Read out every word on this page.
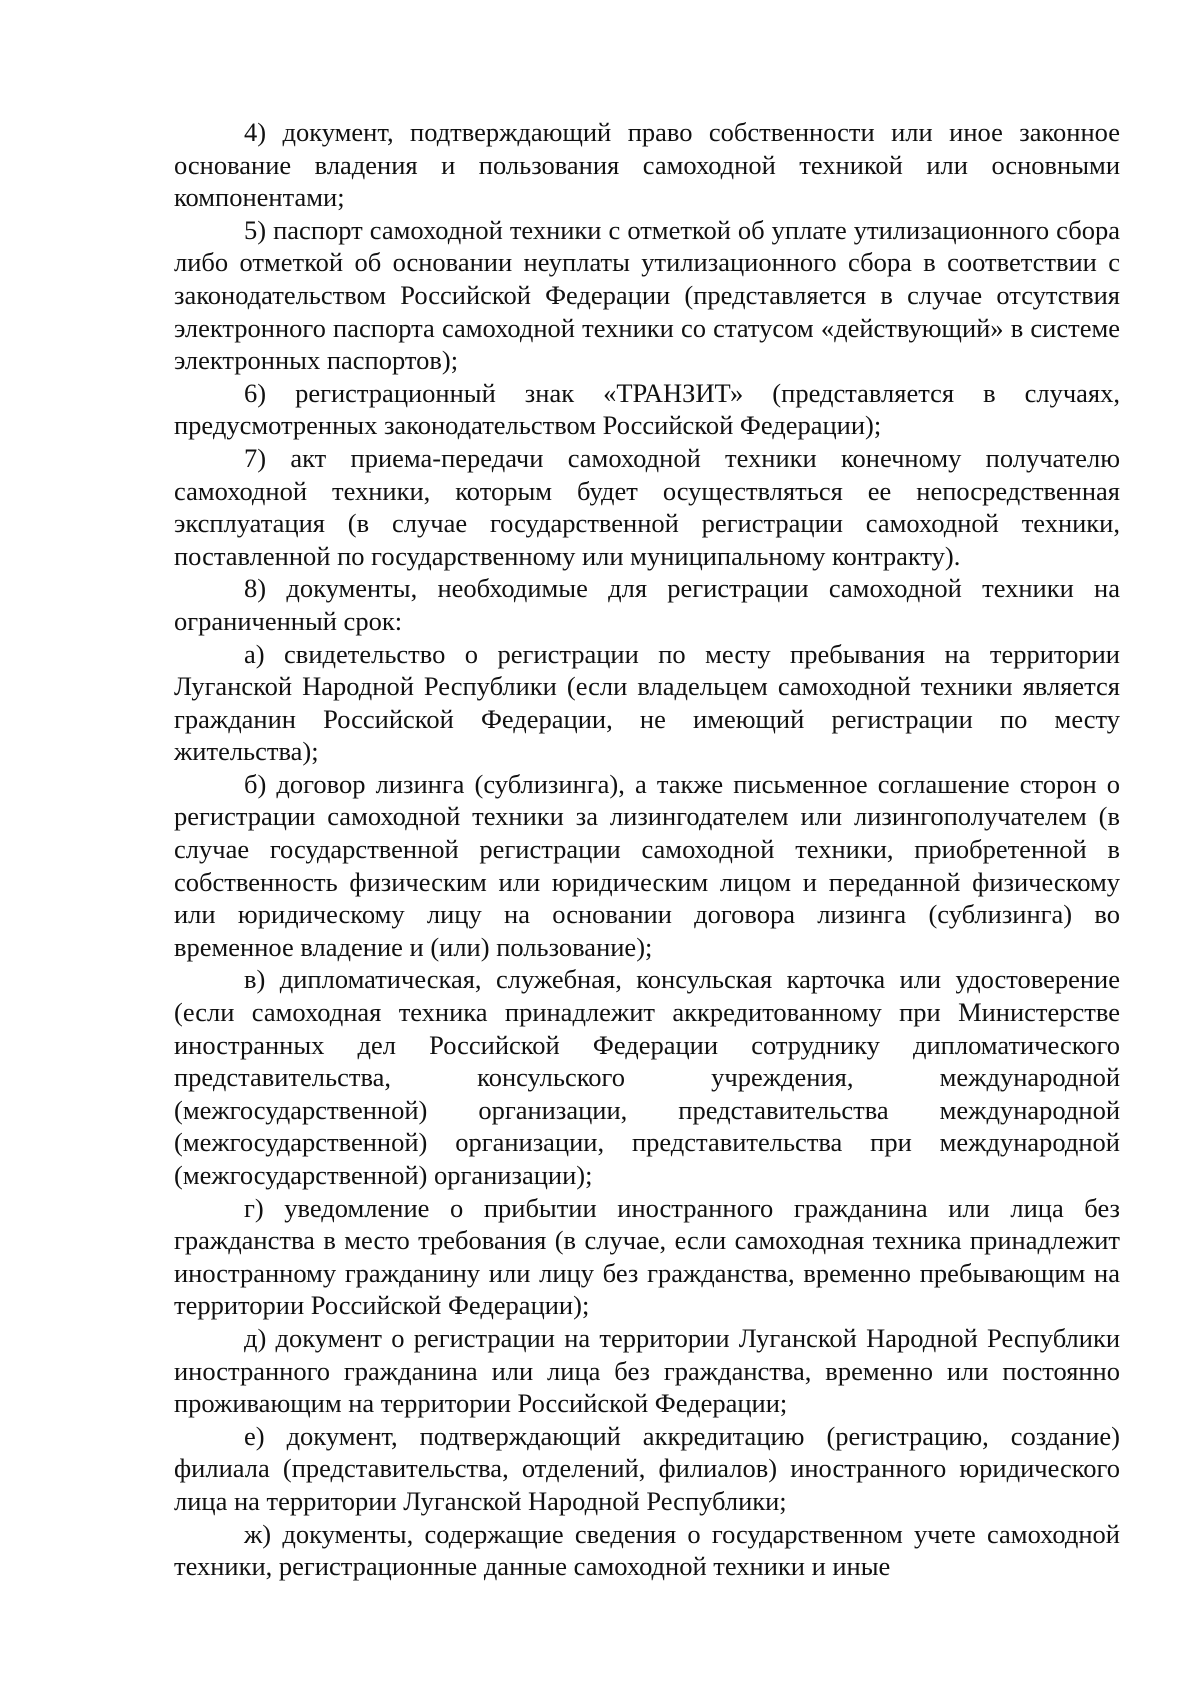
4) документ, подтверждающий право собственности или иное законное основание владения и пользования самоходной техникой или основными компонентами;

5) паспорт самоходной техники с отметкой об уплате утилизационного сбора либо отметкой об основании неуплаты утилизационного сбора в соответствии с законодательством Российской Федерации (представляется в случае отсутствия электронного паспорта самоходной техники со статусом «действующий» в системе электронных паспортов);

6) регистрационный знак «ТРАНЗИТ» (представляется в случаях, предусмотренных законодательством Российской Федерации);

7) акт приема-передачи самоходной техники конечному получателю самоходной техники, которым будет осуществляться ее непосредственная эксплуатация (в случае государственной регистрации самоходной техники, поставленной по государственному или муниципальному контракту).

8) документы, необходимые для регистрации самоходной техники на ограниченный срок:

а) свидетельство о регистрации по месту пребывания на территории Луганской Народной Республики (если владельцем самоходной техники является гражданин Российской Федерации, не имеющий регистрации по месту жительства);

б) договор лизинга (сублизинга), а также письменное соглашение сторон о регистрации самоходной техники за лизингодателем или лизингополучателем (в случае государственной регистрации самоходной техники, приобретенной в собственность физическим или юридическим лицом и переданной физическому или юридическому лицу на основании договора лизинга (сублизинга) во временное владение и (или) пользование);

в) дипломатическая, служебная, консульская карточка или удостоверение (если самоходная техника принадлежит аккредитованному при Министерстве иностранных дел Российской Федерации сотруднику дипломатического представительства, консульского учреждения, международной (межгосударственной) организации, представительства международной (межгосударственной) организации, представительства при международной (межгосударственной) организации);

г) уведомление о прибытии иностранного гражданина или лица без гражданства в место требования (в случае, если самоходная техника принадлежит иностранному гражданину или лицу без гражданства, временно пребывающим на территории Российской Федерации);

д) документ о регистрации на территории Луганской Народной Республики иностранного гражданина или лица без гражданства, временно или постоянно проживающим на территории Российской Федерации;

е) документ, подтверждающий аккредитацию (регистрацию, создание) филиала (представительства, отделений, филиалов) иностранного юридического лица на территории Луганской Народной Республики;

ж) документы, содержащие сведения о государственном учете самоходной техники, регистрационные данные самоходной техники и иные
